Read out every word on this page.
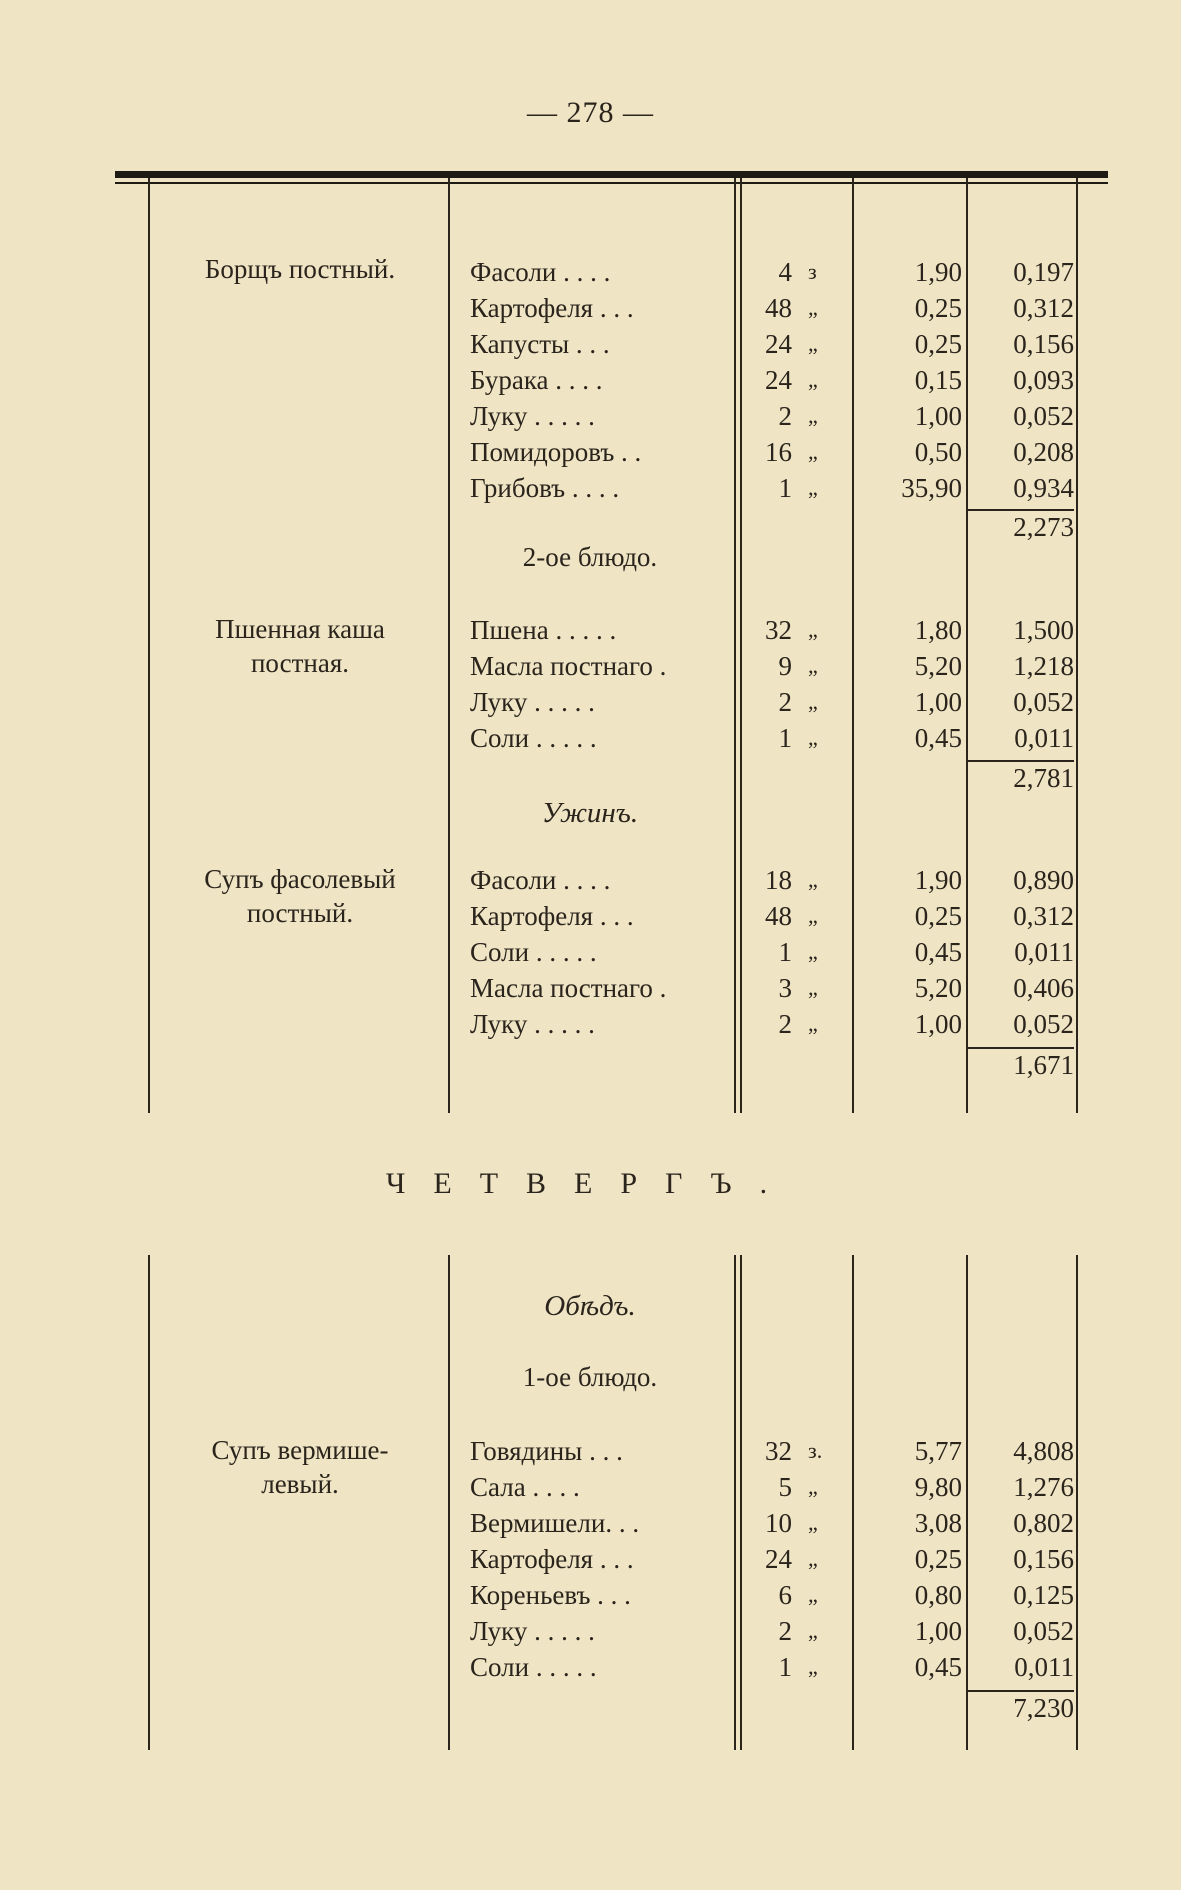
— 278 —
Борщъ постный.	Фасоли . . . .	4 з	1,90	0,197
Картофеля . . .	48 „	0,25	0,312
Капусты . . .	24 „	0,25	0,156
Бурака . . . .	24 „	0,15	0,093
Луку . . . . .	2 „	1,00	0,052
Помидоровъ . .	16 „	0,50	0,208
Грибовъ . . . .	1 „	35,90	0,934
2,273
2-ое блюдо.
Пшенная каша
постная.
Пшена . . . . .	32 „	1,80	1,500
Масла постнаго .	9 „	5,20	1,218
Луку . . . . .	2 „	1,00	0,052
Соли . . . . .	1 „	0,45	0,011
2,781
Ужинъ.
Супъ фасолевый
постный.
Фасоли . . . .	18 „	1,90	0,890
Картофеля . . .	48 „	0,25	0,312
Соли . . . . .	1 „	0,45	0,011
Масла постнаго .	3 „	5,20	0,406
Луку . . . . .	2 „	1,00	0,052
1,671
ЧЕТВЕРГЪ.
Обѣдъ.
1-ое блюдо.
Супъ вермише-
левый.
Говядины . . .	32 з.	5,77	4,808
Сала . . . .	5 „	9,80	1,276
Вермишели. . .	10 „	3,08	0,802
Картофеля . . .	24 „	0,25	0,156
Кореньевъ . . .	6 „	0,80	0,125
Луку . . . . .	2 „	1,00	0,052
Соли . . . . .	1 „	0,45	0,011
7,230
